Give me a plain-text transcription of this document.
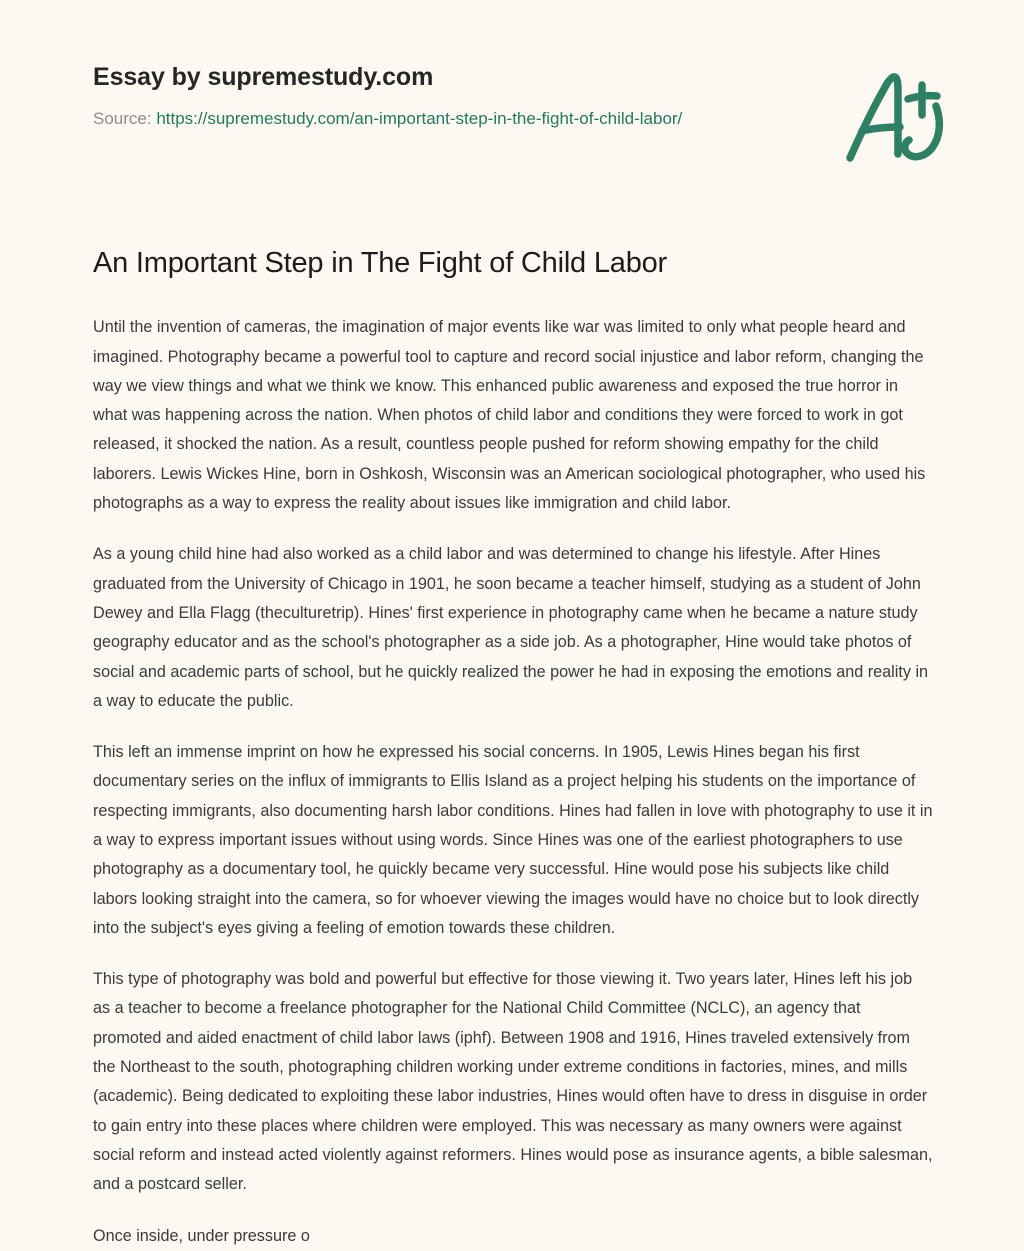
Essay by supremestudy.com
Source: https://supremestudy.com/an-important-step-in-the-fight-of-child-labor/
An Important Step in The Fight of Child Labor

Until the invention of cameras, the imagination of major events like war was limited to only what people heard and imagined. Photography became a powerful tool to capture and record social injustice and labor reform, changing the way we view things and what we think we know. This enhanced public awareness and exposed the true horror in what was happening across the nation. When photos of child labor and conditions they were forced to work in got released, it shocked the nation. As a result, countless people pushed for reform showing empathy for the child laborers. Lewis Wickes Hine, born in Oshkosh, Wisconsin was an American sociological photographer, who used his photographs as a way to express the reality about issues like immigration and child labor.

As a young child hine had also worked as a child labor and was determined to change his lifestyle. After Hines graduated from the University of Chicago in 1901, he soon became a teacher himself, studying as a student of John Dewey and Ella Flagg (theculturetrip). Hines' first experience in photography came when he became a nature study geography educator and as the school's photographer as a side job. As a photographer, Hine would take photos of social and academic parts of school, but he quickly realized the power he had in exposing the emotions and reality in a way to educate the public.

This left an immense imprint on how he expressed his social concerns. In 1905, Lewis Hines began his first documentary series on the influx of immigrants to Ellis Island as a project helping his students on the importance of respecting immigrants, also documenting harsh labor conditions. Hines had fallen in love with photography to use it in a way to express important issues without using words. Since Hines was one of the earliest photographers to use photography as a documentary tool, he quickly became very successful. Hine would pose his subjects like child labors looking straight into the camera, so for whoever viewing the images would have no choice but to look directly into the subject's eyes giving a feeling of emotion towards these children.

This type of photography was bold and powerful but effective for those viewing it. Two years later, Hines left his job as a teacher to become a freelance photographer for the National Child Committee (NCLC), an agency that promoted and aided enactment of child labor laws (iphf). Between 1908 and 1916, Hines traveled extensively from the Northeast to the south, photographing children working under extreme conditions in factories, mines, and mills (academic). Being dedicated to exploiting these labor industries, Hines would often have to dress in disguise in order to gain entry into these places where children were employed. This was necessary as many owners were against social reform and instead acted violently against reformers. Hines would pose as insurance agents, a bible salesman, and a postcard seller.

Once inside, under pressure o
